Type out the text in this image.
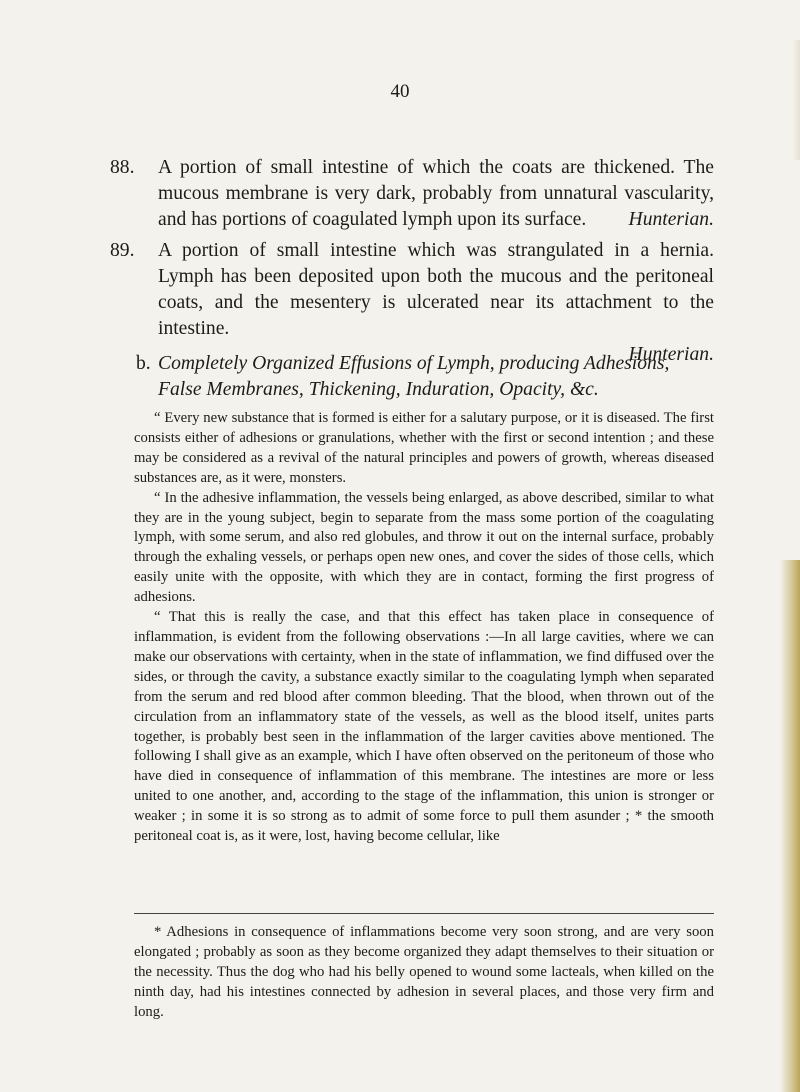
40
88. A portion of small intestine of which the coats are thickened. The mucous membrane is very dark, probably from unnatural vascularity, and has portions of coagulated lymph upon its surface. Hunterian.
89. A portion of small intestine which was strangulated in a hernia. Lymph has been deposited upon both the mucous and the peritoneal coats, and the mesentery is ulcerated near its attachment to the intestine.
Hunterian.
b. Completely Organized Effusions of Lymph, producing Adhesions, False Membranes, Thickening, Induration, Opacity, &c.

“ Every new substance that is formed is either for a salutary purpose, or it is diseased. The first consists either of adhesions or granulations, whether with the first or second intention ; and these may be considered as a revival of the natural principles and powers of growth, whereas diseased substances are, as it were, monsters.

“ In the adhesive inflammation, the vessels being enlarged, as above described, similar to what they are in the young subject, begin to separate from the mass some portion of the coagulating lymph, with some serum, and also red globules, and throw it out on the internal surface, probably through the exhaling vessels, or perhaps open new ones, and cover the sides of those cells, which easily unite with the opposite, with which they are in contact, forming the first progress of adhesions.

“ That this is really the case, and that this effect has taken place in consequence of inflammation, is evident from the following observations :—In all large cavities, where we can make our observations with certainty, when in the state of inflammation, we find diffused over the sides, or through the cavity, a substance exactly similar to the coagulating lymph when separated from the serum and red blood after common bleeding. That the blood, when thrown out of the circulation from an inflammatory state of the vessels, as well as the blood itself, unites parts together, is probably best seen in the inflammation of the larger cavities above mentioned. The following I shall give as an example, which I have often observed on the peritoneum of those who have died in consequence of inflammation of this membrane. The intestines are more or less united to one another, and, according to the stage of the inflammation, this union is stronger or weaker ; in some it is so strong as to admit of some force to pull them asunder ; * the smooth peritoneal coat is, as it were, lost, having become cellular, like

* Adhesions in consequence of inflammations become very soon strong, and are very soon elongated ; probably as soon as they become organized they adapt themselves to their situation or the necessity. Thus the dog who had his belly opened to wound some lacteals, when killed on the ninth day, had his intestines connected by adhesion in several places, and those very firm and long.
